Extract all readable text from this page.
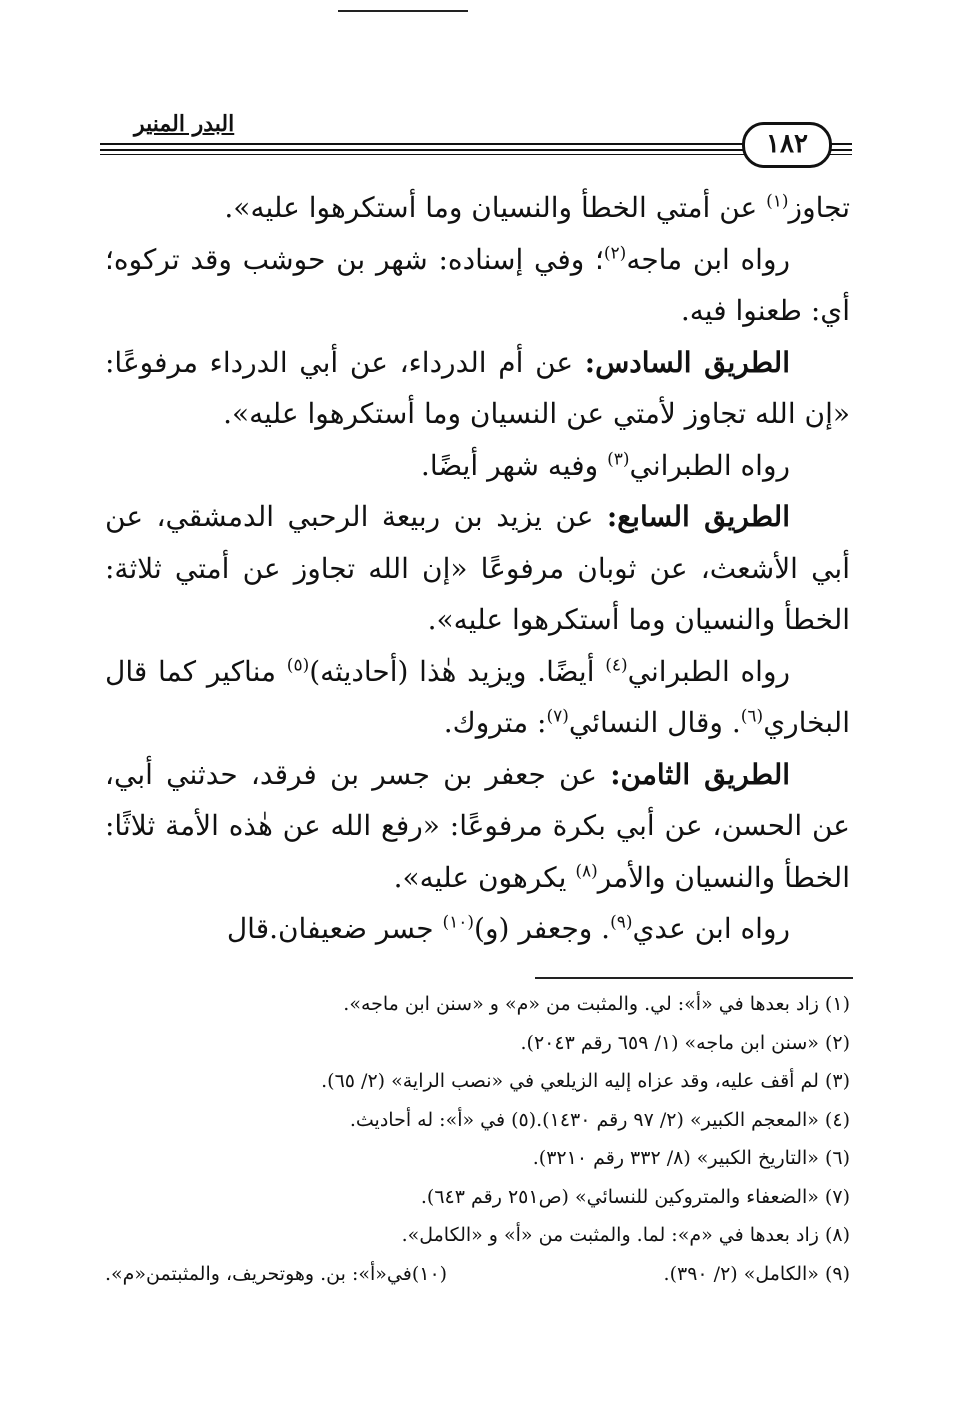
البدر المنير
١٨٢

تجاوز$^{(١)}$ عن أمتي الخطأ والنسيان وما أستكرهوا عليه».

رواه ابن ماجه$^{(٢)}$؛ وفي إسناده: شهر بن حوشب وقد تركوه؛ أي: طعنوا فيه.

الطريق السادس: عن أم الدرداء، عن أبي الدرداء مرفوعًا: «إن الله تجاوز لأمتي عن النسيان وما أستكرهوا عليه».

رواه الطبراني$^{(٣)}$ وفيه شهر أيضًا.

الطريق السابع: عن يزيد بن ربيعة الرحبي الدمشقي، عن أبي الأشعث، عن ثوبان مرفوعًا «إن الله تجاوز عن أمتي ثلاثة: الخطأ والنسيان وما أستكرهوا عليه».

رواه الطبراني$^{(٤)}$ أيضًا. ويزيد هٰذا (أحاديثه)$^{(٥)}$ مناكير كما قال البخاري$^{(٦)}$. وقال النسائي$^{(٧)}$: متروك.

الطريق الثامن: عن جعفر بن جسر بن فرقد، حدثني أبي، عن الحسن، عن أبي بكرة مرفوعًا: «رفع الله عن هٰذه الأمة ثلاثًا: الخطأ والنسيان والأمر$^{(٨)}$ يكرهون عليه».

رواه ابن عدي$^{(٩)}$. وجعفر (و)$^{(١٠)}$ جسر ضعيفان.قال

(١) زاد بعدها في «أ»: لي. والمثبت من «م» و «سنن ابن ماجه».
(٢) «سنن ابن ماجه» (١/ ٦٥٩ رقم ٢٠٤٣).
(٣) لم أقف عليه، وقد عزاه إليه الزيلعي في «نصب الراية» (٢/ ٦٥).
(٤) «المعجم الكبير» (٢/ ٩٧ رقم ١٤٣٠).(٥) في «أ»: له أحاديث.
(٦) «التاريخ الكبير» (٨/ ٣٣٢ رقم ٣٢١٠).
(٧) «الضعفاء والمتروكين للنسائي» (ص٢٥١ رقم ٦٤٣).
(٨) زاد بعدها في «م»: لما. والمثبت من «أ» و «الكامل».
(٩) «الكامل» (٢/ ٣٩٠).
(١٠)في«أ»: بن. وهوتحريف، والمثبتمن«م».
